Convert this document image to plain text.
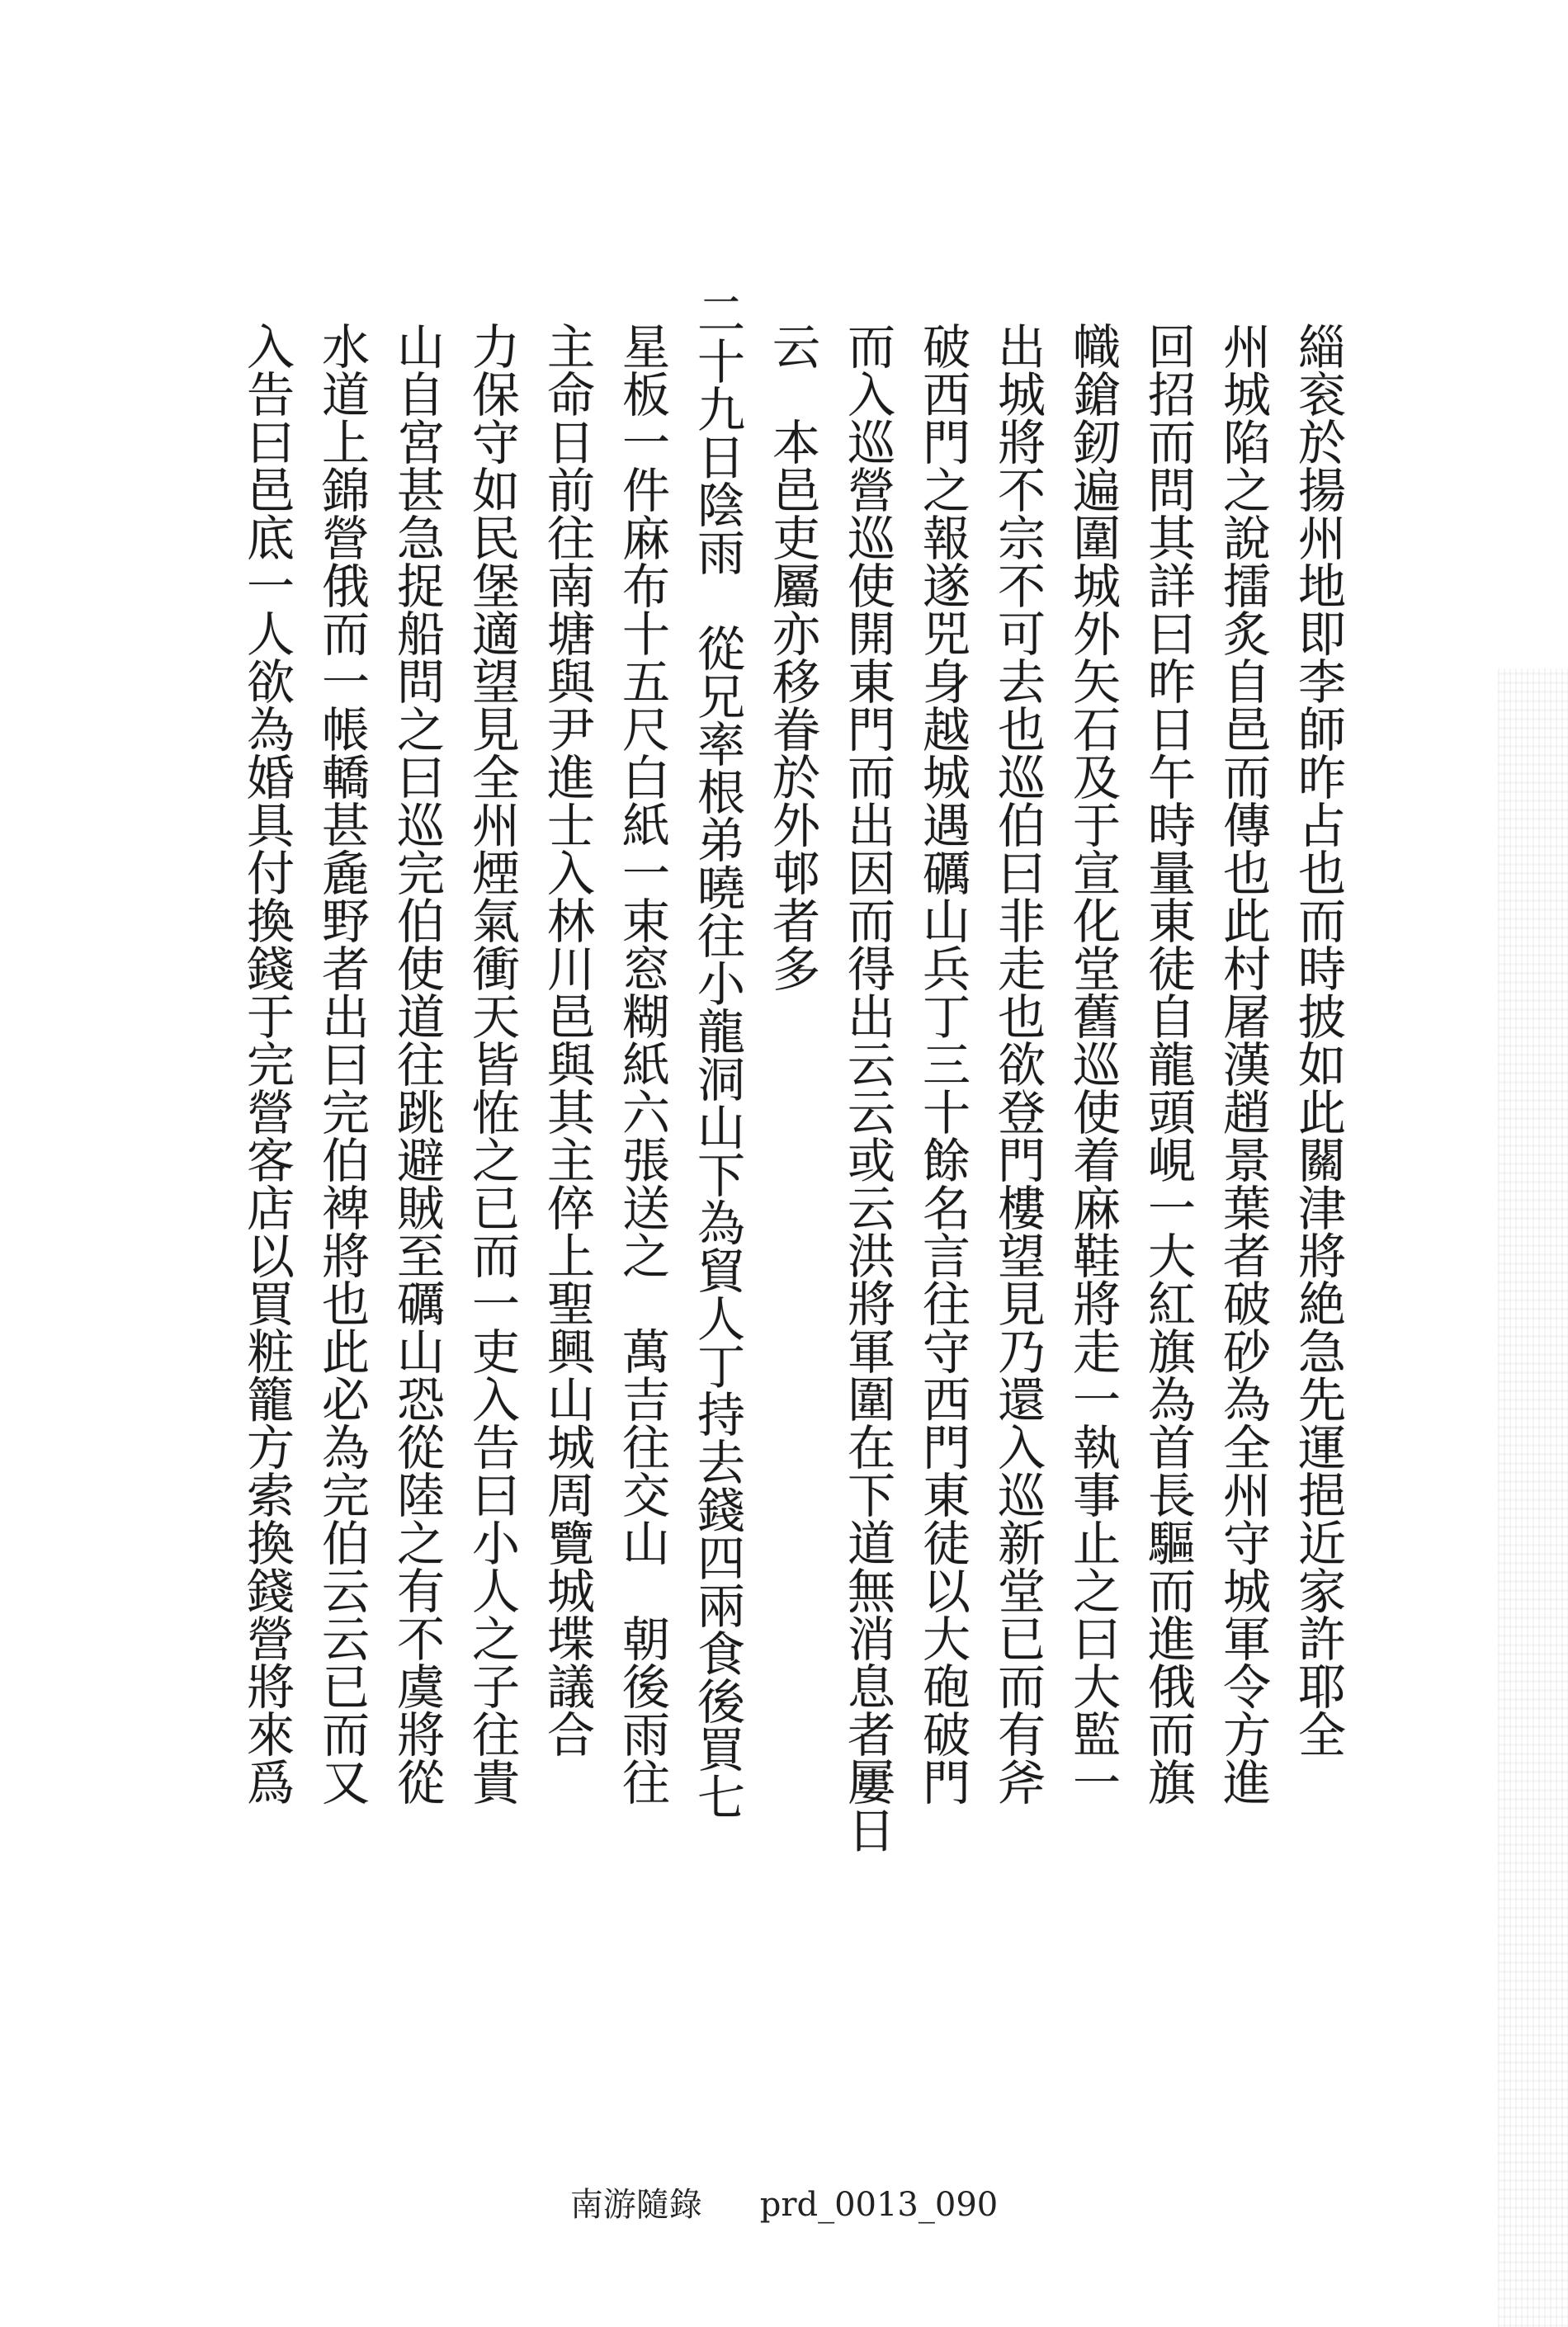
緇衮於揚州地即李師昨占也而時披如此關津將絶急先運挹近家許耶全
州城陷之說擂炙自邑而傳也此村屠漢趙景葉者破砂為全州守城軍令方進
回招而問其詳曰昨日午時量東徒自龍頭峴一大紅旗為首長驅而進俄而旗
幟鎗釰遍圍城外矢石及于宣化堂舊巡使着麻鞋將走一執事止之曰大監一
出城將不宗不可去也巡伯曰非走也欲登門樓望見乃還入巡新堂已而有斧
破西門之報遂兕身越城遇礪山兵丁三十餘名言往守西門東徒以大砲破門
而入巡營巡使開東門而出因而得出云云或云洪將軍圍在下道無消息者屢日
云　本邑吏屬亦移眷於外邨者多
二十九日陰雨　從兄率根弟曉往小龍洞山下為貿人丁持去錢四兩食後買七
星板一件麻布十五尺白紙一束窓糊紙六張送之　萬吉往交山　朝後雨往
主命日前往南塘與尹進士入林川邑與其主倅上聖興山城周覽城堞議合
力保守如民堡適望見全州煙氣衝天皆恠之已而一吏入告曰小人之子往貴
山自宮甚急捉船問之曰巡完伯使道往跳避賊至礪山恐從陸之有不虞將從
水道上錦營俄而一帳轎甚麁野者出曰完伯裨將也此必為完伯云云已而又
入告曰邑底一人欲為婚具付換錢于完營客店以買粧籠方索換錢營將來爲
南游隨錄 prd_0013_090
